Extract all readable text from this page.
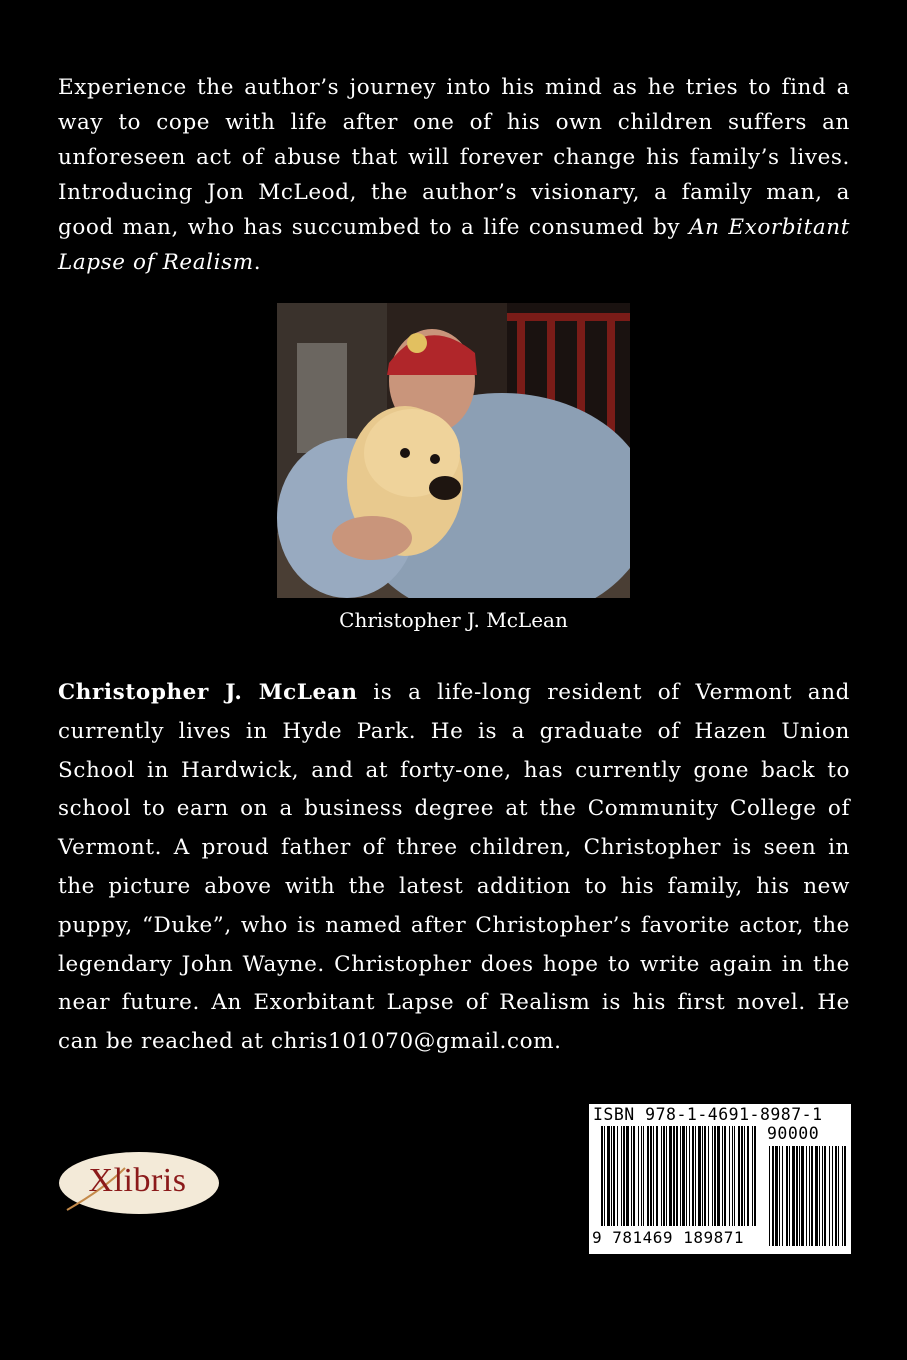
Experience the author’s journey into his mind as he tries to find a way to cope with life after one of his own children suffers an unforeseen act of abuse that will forever change his family’s lives. Introducing Jon McLeod, the author’s visionary, a family man, a good man, who has succumbed to a life consumed by An Exorbitant Lapse of Realism.

Christopher J. McLean

Christopher J. McLean is a life-long resident of Vermont and currently lives in Hyde Park. He is a graduate of Hazen Union School in Hardwick, and at forty-one, has currently gone back to school to earn on a business degree at the Community College of Vermont. A proud father of three children, Christopher is seen in the picture above with the latest addition to his family, his new puppy, “Duke”, who is named after Christopher’s favorite actor, the legendary John Wayne. Christopher does hope to write again in the near future. An Exorbitant Lapse of Realism is his first novel. He can be reached at chris101070@gmail.com.

Xlibris

ISBN 978-1-4691-8987-1

90000

9 781469 189871
